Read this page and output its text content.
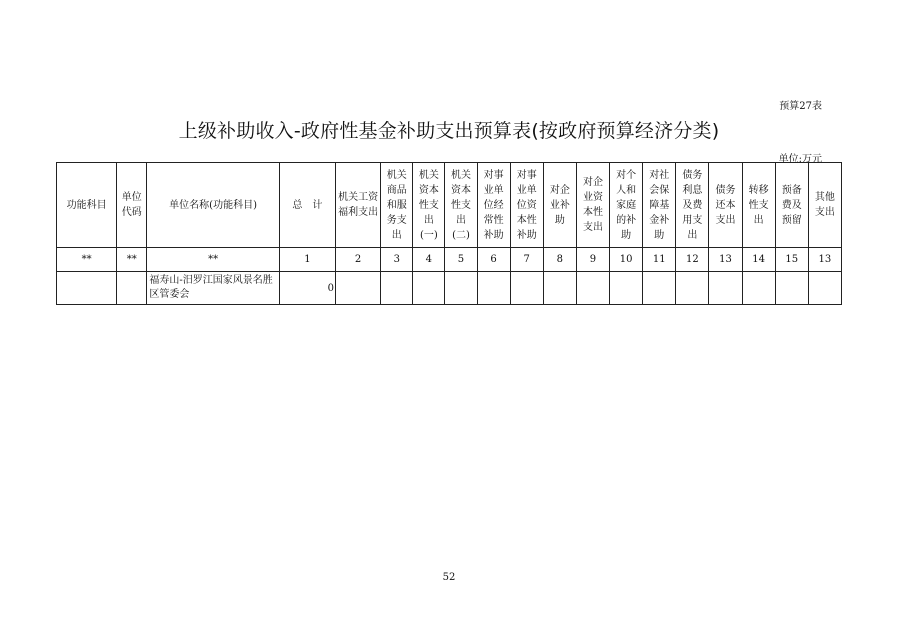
预算27表
上级补助收入-政府性基金补助支出预算表(按政府预算经济分类)
单位:万元
功能科目	单位代码	单位名称(功能科目)	总　计	机关工资福利支出	机关商品和服务支出	机关资本性支出(一)	机关资本性支出(二)	对事业单位经常性补助	对事业单位资本性补助	对企业补助	对企业资本性支出	对个人和家庭的补助	对社会保障基金补助	债务利息及费用支出	债务还本支出	转移性支出	预备费及预留	其他支出
**	**	**	1	2	3	4	5	6	7	8	9	10	11	12	13	14	15	13
		福寿山-汨罗江国家风景名胜区管委会	0															
52
